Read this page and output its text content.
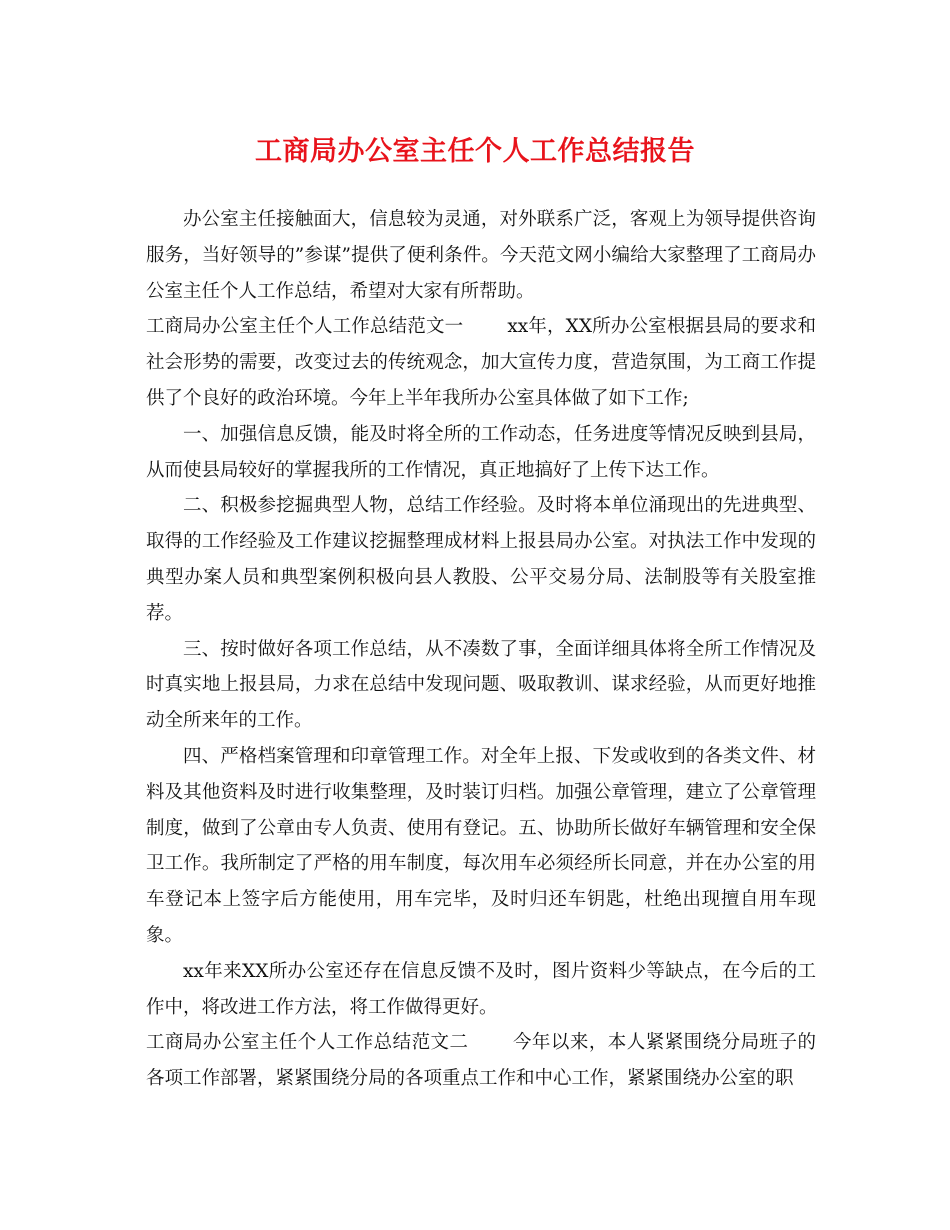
工商局办公室主任个人工作总结报告

办公室主任接触面大，信息较为灵通，对外联系广泛，客观上为领导提供咨询服务，当好领导的”参谋”提供了便利条件。今天范文网小编给大家整理了工商局办公室主任个人工作总结，希望对大家有所帮助。

工商局办公室主任个人工作总结范文一 xx年，XX所办公室根据县局的要求和社会形势的需要，改变过去的传统观念，加大宣传力度，营造氛围，为工商工作提供了个良好的政治环境。今年上半年我所办公室具体做了如下工作;

一、加强信息反馈，能及时将全所的工作动态，任务进度等情况反映到县局，从而使县局较好的掌握我所的工作情况，真正地搞好了上传下达工作。

二、积极参挖掘典型人物，总结工作经验。及时将本单位涌现出的先进典型、取得的工作经验及工作建议挖掘整理成材料上报县局办公室。对执法工作中发现的典型办案人员和典型案例积极向县人教股、公平交易分局、法制股等有关股室推荐。

三、按时做好各项工作总结，从不凑数了事，全面详细具体将全所工作情况及时真实地上报县局，力求在总结中发现问题、吸取教训、谋求经验，从而更好地推动全所来年的工作。

四、严格档案管理和印章管理工作。对全年上报、下发或收到的各类文件、材料及其他资料及时进行收集整理，及时装订归档。加强公章管理，建立了公章管理制度，做到了公章由专人负责、使用有登记。五、协助所长做好车辆管理和安全保卫工作。我所制定了严格的用车制度，每次用车必须经所长同意，并在办公室的用车登记本上签字后方能使用，用车完毕，及时归还车钥匙，杜绝出现擅自用车现象。

xx年来XX所办公室还存在信息反馈不及时，图片资料少等缺点，在今后的工作中，将改进工作方法，将工作做得更好。

工商局办公室主任个人工作总结范文二 今年以来，本人紧紧围绕分局班子的各项工作部署，紧紧围绕分局的各项重点工作和中心工作，紧紧围绕办公室的职
